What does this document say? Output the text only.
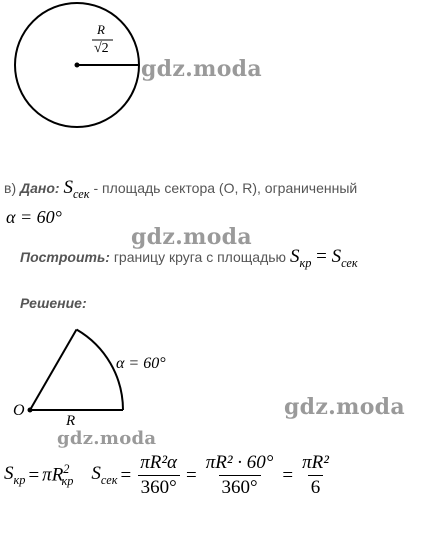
R
√2
gdz.moda
gdz.moda
gdz.moda
gdz.moda
в) Дано: $S_{сек}$ - площадь сектора (O, R), ограниченный
α = 60°
Построить: границу круга с площадью $S_{кр} = S_{сек}$
Решение:
α = 60°
O
R
$S_{кр} = \pi R^2_{кр}$ $S_{сек} = \frac{\text{πR²α}}{360^\circ} = \frac{\text{πR² · 60°}}{360^\circ} = \frac{\text{πR²}}{6}$
